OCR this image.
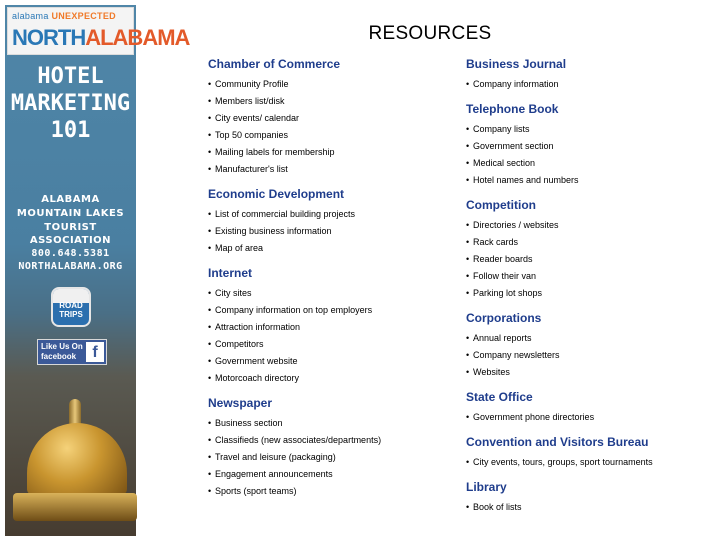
alabama UNEXPECTED
NORTHALABAMA
HOTEL
MARKETING
101
ALABAMA
MOUNTAIN LAKES
TOURIST ASSOCIATION
800.648.5381
NORTHALABAMA.ORG
ROAD TRIPS
Like Us On
facebook	f
RESOURCES
Chamber of Commerce
• Community Profile
• Members list/disk
• City events/ calendar
• Top 50 companies
• Mailing labels for membership
• Manufacturer's list
Economic Development
• List of commercial building projects
• Existing business information
• Map of area
Internet
• City sites
• Company information on top employers
• Attraction information
• Competitors
• Government website
• Motorcoach directory
Newspaper
• Business section
• Classifieds (new associates/departments)
• Travel and leisure (packaging)
• Engagement announcements
• Sports (sport teams)
Business Journal
• Company information
Telephone Book
• Company lists
• Government section
• Medical section
• Hotel names and numbers
Competition
• Directories / websites
• Rack cards
• Reader boards
• Follow their van
• Parking lot shops
Corporations
• Annual reports
• Company newsletters
• Websites
State Office
• Government phone directories
Convention and Visitors Bureau
• City events, tours, groups, sport tournaments
Library
• Book of lists
